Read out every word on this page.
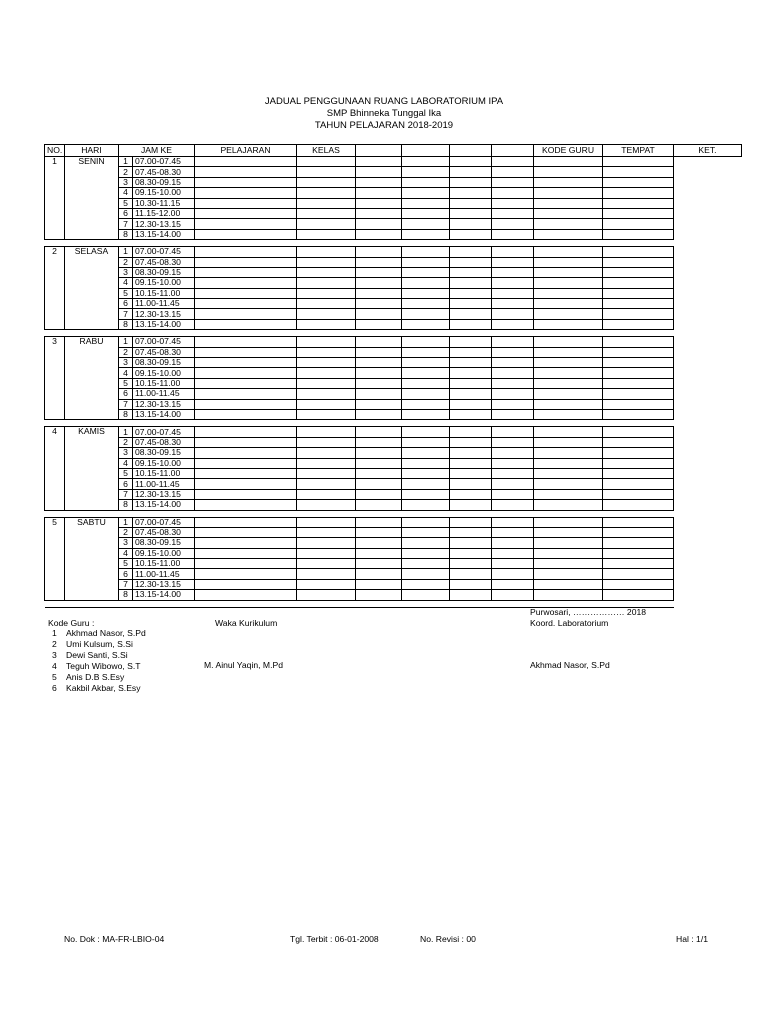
JADUAL PENGGUNAAN RUANG LABORATORIUM IPA
SMP Bhinneka Tunggal Ika
TAHUN PELAJARAN 2018-2019
NO.	HARI	JAM KE		PELAJARAN	KELAS					KODE GURU	TEMPAT	KET.
1	SENIN	1	07.00-07.45									
		2	07.45-08.30									
		3	08.30-09.15									
		4	09.15-10.00									
		5	10.30-11.15									
		6	11.15-12.00									
		7	12.30-13.15									
		8	13.15-14.00									

2	SELASA	1	07.00-07.45									
		2	07.45-08.30									
		3	08.30-09.15									
		4	09.15-10.00									
		5	10.15-11.00									
		6	11.00-11.45									
		7	12.30-13.15									
		8	13.15-14.00									

3	RABU	1	07.00-07.45									
		2	07.45-08.30									
		3	08.30-09.15									
		4	09.15-10.00									
		5	10.15-11.00									
		6	11.00-11.45									
		7	12.30-13.15									
		8	13.15-14.00									

4	KAMIS	1	07.00-07.45									
		2	07.45-08.30									
		3	08.30-09.15									
		4	09.15-10.00									
		5	10.15-11.00									
		6	11.00-11.45									
		7	12.30-13.15									
		8	13.15-14.00									

5	SABTU	1	07.00-07.45									
		2	07.45-08.30									
		3	08.30-09.15									
		4	09.15-10.00									
		5	10.15-11.00									
		6	11.00-11.45									
		7	12.30-13.15									
		8	13.15-14.00									

Purwosari, ……………… 2018
Kode Guru :	Waka Kurikulum	Koord. Laboratorium
M. Ainul Yaqin, M.Pd	Akhmad Nasor, S.Pd
1 Akhmad Nasor, S.Pd
2 Umi Kulsum, S.Si
3 Dewi Santi, S.Si
4 Teguh Wibowo, S.T
5 Anis D.B S.Esy
6 Kakbil Akbar, S.Esy
No. Dok : MA-FR-LBIO-04	Tgl. Terbit : 06-01-2008	No. Revisi : 00	Hal : 1/1
